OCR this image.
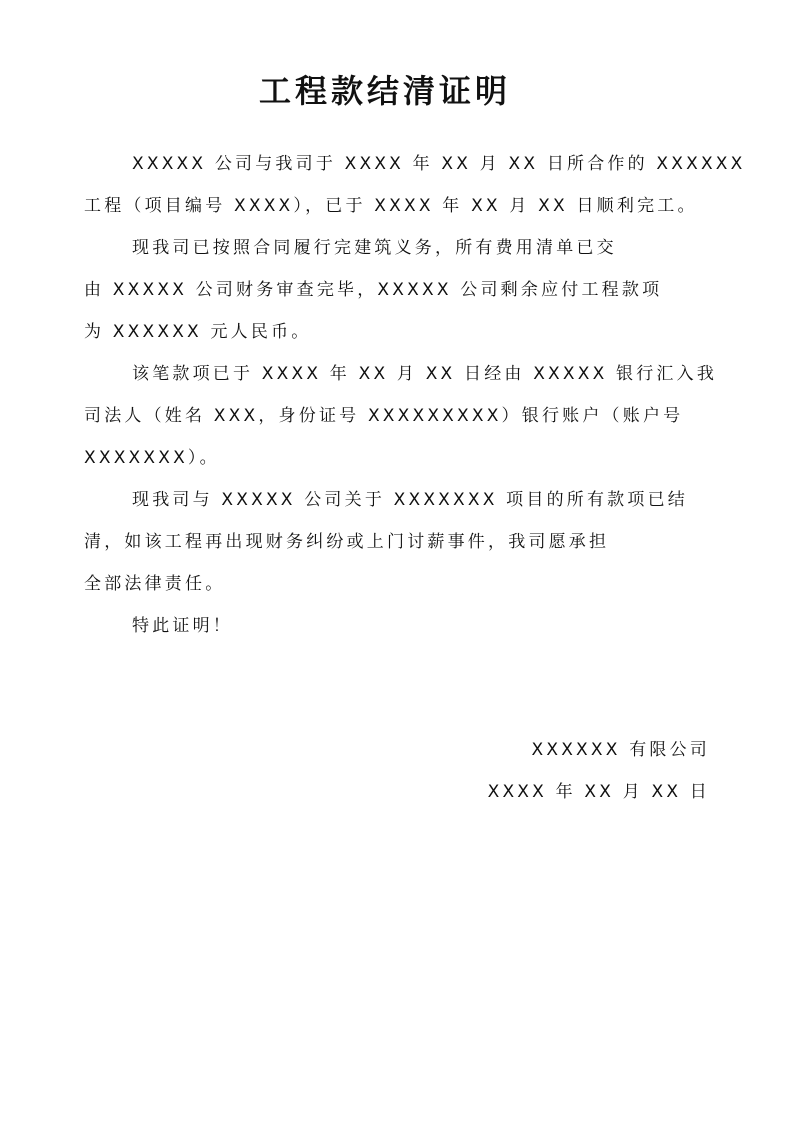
工程款结清证明
XXXXX 公司与我司于 XXXX 年 XX 月 XX 日所合作的 XXXXXX
工程（项目编号 XXXX），已于 XXXX 年 XX 月 XX 日顺利完工。
现我司已按照合同履行完建筑义务，所有费用清单已交
由 XXXXX 公司财务审查完毕，XXXXX 公司剩余应付工程款项
为 XXXXXX 元人民币。
该笔款项已于 XXXX 年 XX 月 XX 日经由 XXXXX 银行汇入我
司法人（姓名 XXX，身份证号 XXXXXXXXX）银行账户（账户号
XXXXXXX）。
现我司与 XXXXX 公司关于 XXXXXXX 项目的所有款项已结
清，如该工程再出现财务纠纷或上门讨薪事件，我司愿承担
全部法律责任。
特此证明！
XXXXXX 有限公司
XXXX 年 XX 月 XX 日
